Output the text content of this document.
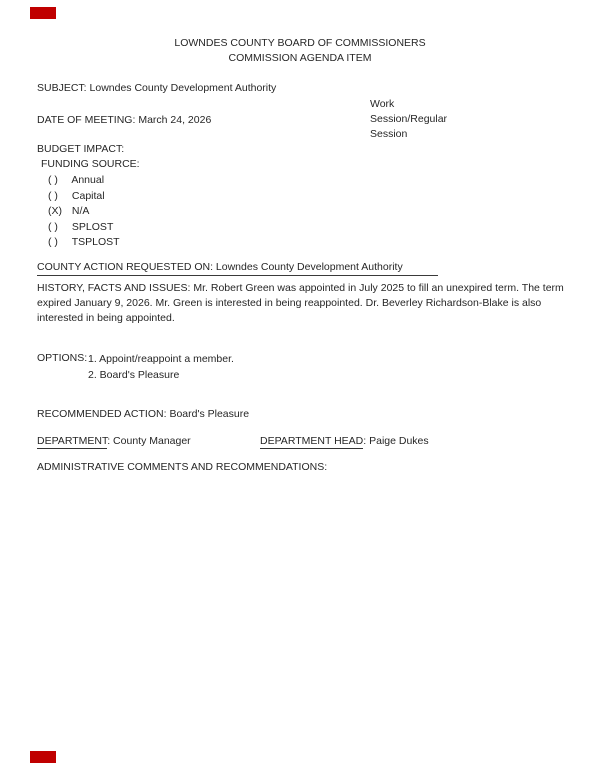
LOWNDES COUNTY BOARD OF COMMISSIONERS
COMMISSION AGENDA ITEM
SUBJECT: Lowndes County Development Authority
Work
Session/Regular
Session
DATE OF MEETING: March 24, 2026
BUDGET IMPACT:
FUNDING SOURCE:
( ) Annual
( ) Capital
(X) N/A
( ) SPLOST
( ) TSPLOST
COUNTY ACTION REQUESTED ON: Lowndes County Development Authority
HISTORY, FACTS AND ISSUES: Mr. Robert Green was appointed in July 2025 to fill an unexpired term. The term
expired January 9, 2026. Mr. Green is interested in being reappointed. Dr. Beverley Richardson-Blake is also
interested in being appointed.
OPTIONS: 1. Appoint/reappoint a member.
2. Board's Pleasure
RECOMMENDED ACTION: Board's Pleasure
DEPARTMENT: County Manager	DEPARTMENT HEAD: Paige Dukes
ADMINISTRATIVE COMMENTS AND RECOMMENDATIONS:
